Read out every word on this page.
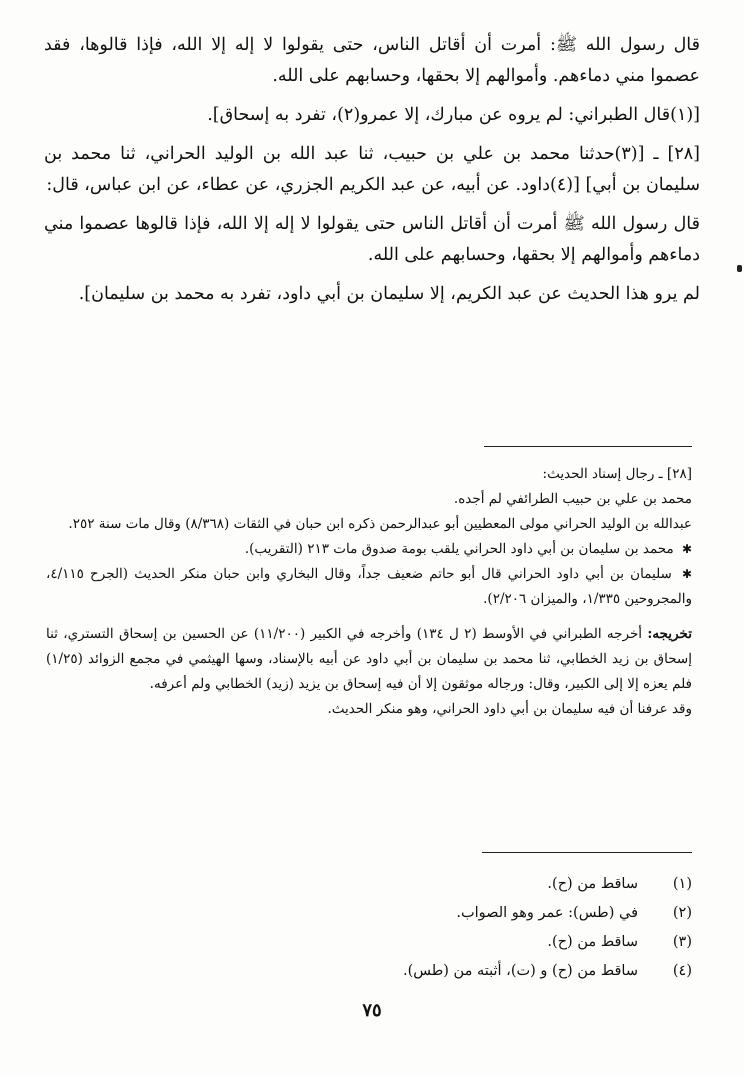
قال رسول الله ﷺ: أمرت أن أقاتل الناس، حتى يقولوا لا إله إلا الله، فإذا قالوها، فقد عصموا مني دماءهم. وأموالهم إلا بحقها، وحسابهم على الله.

[(١)قال الطبراني: لم يروه عن مبارك، إلا عمرو(٢)، تفرد به إسحاق].

[٢٨] ـ [(٣)حدثنا محمد بن علي بن حبيب، ثنا عبد الله بن الوليد الحراني، ثنا محمد بن سليمان بن أبي] [(٤)داود. عن أبيه، عن عبد الكريم الجزري، عن عطاء، عن ابن عباس، قال:

قال رسول الله ﷺ أمرت أن أقاتل الناس حتى يقولوا لا إله إلا الله، فإذا قالوها عصموا مني دماءهم وأموالهم إلا بحقها، وحسابهم على الله.

لم يرو هذا الحديث عن عبد الكريم، إلا سليمان بن أبي داود، تفرد به محمد بن سليمان].

[٢٨] ـ رجال إسناد الحديث:

محمد بن علي بن حبيب الطرائفي لم أجده.

عبدالله بن الوليد الحراني مولى المعطيين أبو عبدالرحمن ذكره ابن حبان في الثقات (٨/٣٦٨) وقال مات سنة ٢٥٢.

✱ محمد بن سليمان بن أبي داود الحراني يلقب بومة صدوق مات ٢١٣ (التقريب).

✱ سليمان بن أبي داود الحراني قال أبو حاتم ضعيف جداً، وقال البخاري وابن حبان منكر الحديث (الجرح ٤/١١٥، والمجروحين ١/٣٣٥، والميزان ٢/٢٠٦).

تخريجه: أخرجه الطبراني في الأوسط (٢ ل ١٣٤) وأخرجه في الكبير (١١/٢٠٠) عن الحسين بن إسحاق التستري، ثنا إسحاق بن زيد الخطابي، ثنا محمد بن سليمان بن أبي داود عن أبيه بالإسناد، وسها الهيثمي في مجمع الزوائد (١/٢٥) فلم يعزه إلا إلى الكبير، وقال: ورجاله موثقون إلا أن فيه إسحاق بن يزيد (زيد) الخطابي ولم أعرفه.

وقد عرفنا أن فيه سليمان بن أبي داود الحراني، وهو منكر الحديث.

(١)
ساقط من (ح).
(٢)
في (طس): عمر وهو الصواب.
(٣)
ساقط من (ح).
(٤)
ساقط من (ح) و (ت)، أثبته من (طس).
٧٥
